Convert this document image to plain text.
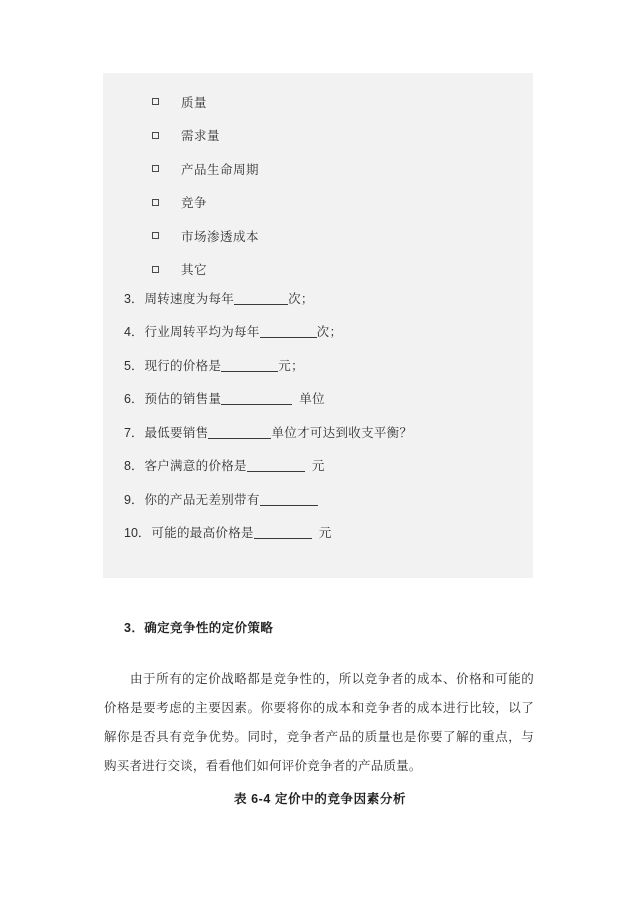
质量
需求量
产品生命周期
竞争
市场渗透成本
其它
3． 周转速度为每年	次；
4． 行业周转平均为每年	次；
5． 现行的价格是	元；
6． 预估的销售量	单位
7． 最低要销售	单位才可达到收支平衡？
8． 客户满意的价格是	元
9． 你的产品无差别带有
10． 可能的最高价格是	元
3．确定竞争性的定价策略

由于所有的定价战略都是竞争性的，所以竞争者的成本、价格和可能的价格是要考虑的主要因素。你要将你的成本和竞争者的成本进行比较，以了解你是否具有竞争优势。同时，竞争者产品的质量也是你要了解的重点，与购买者进行交谈，看看他们如何评价竞争者的产品质量。

表 6-4 定价中的竞争因素分析
